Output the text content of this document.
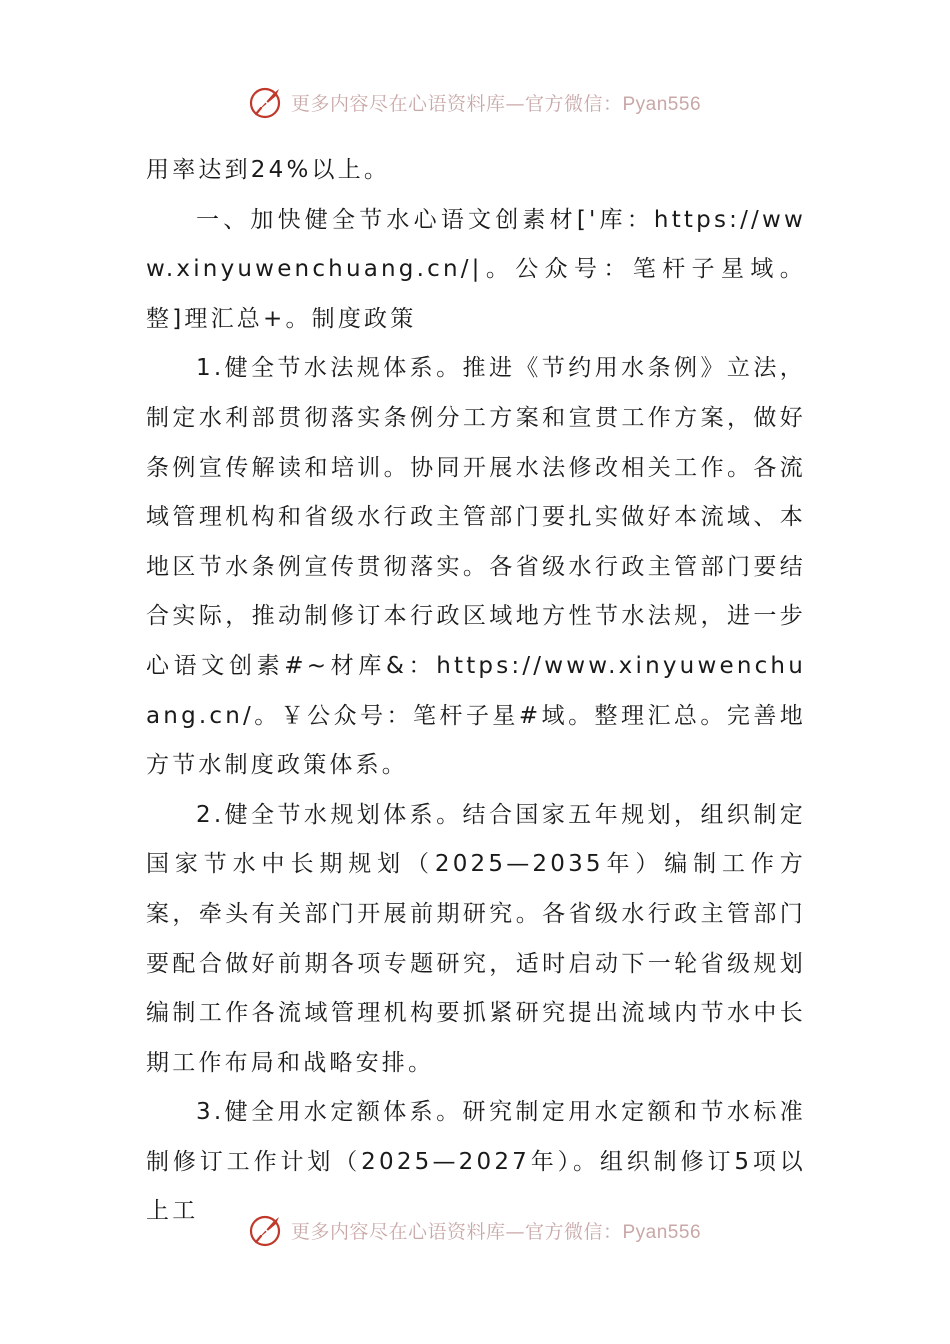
更多内容尽在心语资料库—官方微信：Pyan556

用率达到24%以上。

一、加快健全节水心语文创素材['库：https://www.xinyuwenchuang.cn/|。公众号：笔杆子星域。整]理汇总+。制度政策

1.健全节水法规体系。推进《节约用水条例》立法，制定水利部贯彻落实条例分工方案和宣贯工作方案，做好条例宣传解读和培训。协同开展水法修改相关工作。各流域管理机构和省级水行政主管部门要扎实做好本流域、本地区节水条例宣传贯彻落实。各省级水行政主管部门要结合实际，推动制修订本行政区域地方性节水法规，进一步心语文创素#~材库&：https://www.xinyuwenchuang.cn/。￥公众号：笔杆子星#域。整理汇总。完善地方节水制度政策体系。

2.健全节水规划体系。结合国家五年规划，组织制定国家节水中长期规划（2025—2035年）编制工作方案，牵头有关部门开展前期研究。各省级水行政主管部门要配合做好前期各项专题研究，适时启动下一轮省级规划编制工作各流域管理机构要抓紧研究提出流域内节水中长期工作布局和战略安排。

3.健全用水定额体系。研究制定用水定额和节水标准制修订工作计划（2025—2027年）。组织制修订5项以上工

更多内容尽在心语资料库—官方微信：Pyan556
